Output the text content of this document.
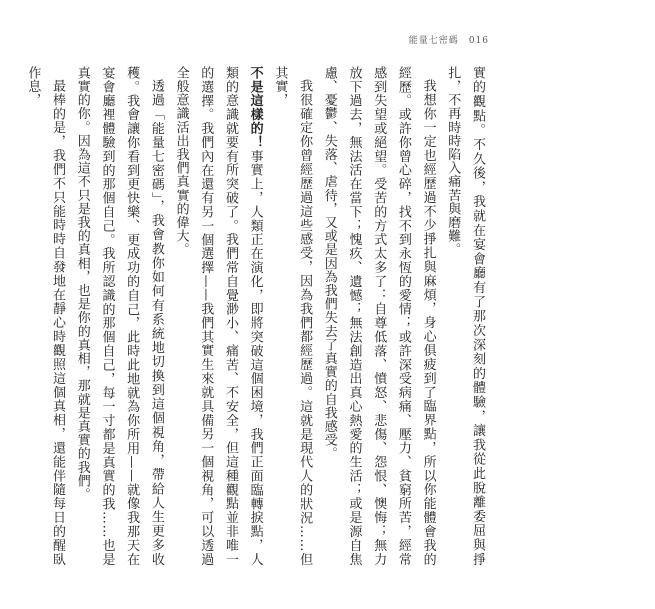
能量七密碼 016

實的觀點。不久後，我就在宴會廳有了那次深刻的體驗，讓我從此脫離委屈與掙扎，不再時時陷入痛苦與磨難。

我想你一定也經歷過不少掙扎與麻煩，身心俱疲到了臨界點，所以你能體會我的經歷。或許你曾心碎，找不到永恆的愛情；或許深受病痛、壓力、貧窮所苦，經常感到失望或絕望。受苦的方式太多了：自尊低落、憤怒、悲傷、怨恨、懊悔；無力放下過去，無法活在當下；愧疚、遺憾；無法創造出真心熱愛的生活；或是源自焦慮、憂鬱、失落、虐待，又或是因為我們失去了真實的自我感受。

我很確定你曾經歷過這些感受，因為我們都經歷過。這就是現代人的狀況……但其實，

不是這樣的！事實上，人類正在演化，即將突破這個困境，我們正面臨轉捩點，人類的意識就要有所突破了。我們常自覺渺小、痛苦、不安全，但這種觀點並非唯一的選擇。我們內在還有另一個選擇——我們其實生來就具備另一個視角，可以透過全般意識活出我們真實的偉大。

透過「能量七密碼」，我會教你如何有系統地切換到這個視角，帶給人生更多收穫。我會讓你看到更快樂、更成功的自己，此時此地就為你所用——就像我那天在宴會廳裡體驗到的那個自己。我所認識的那個自己，每一寸都是真實的我……也是真實的你。因為這不只是我的真相，也是你的真相，那就是真實的我們。

最棒的是，我們不只能時時自發地在靜心時觀照這個真相，還能伴隨每日的醒臥作息，
